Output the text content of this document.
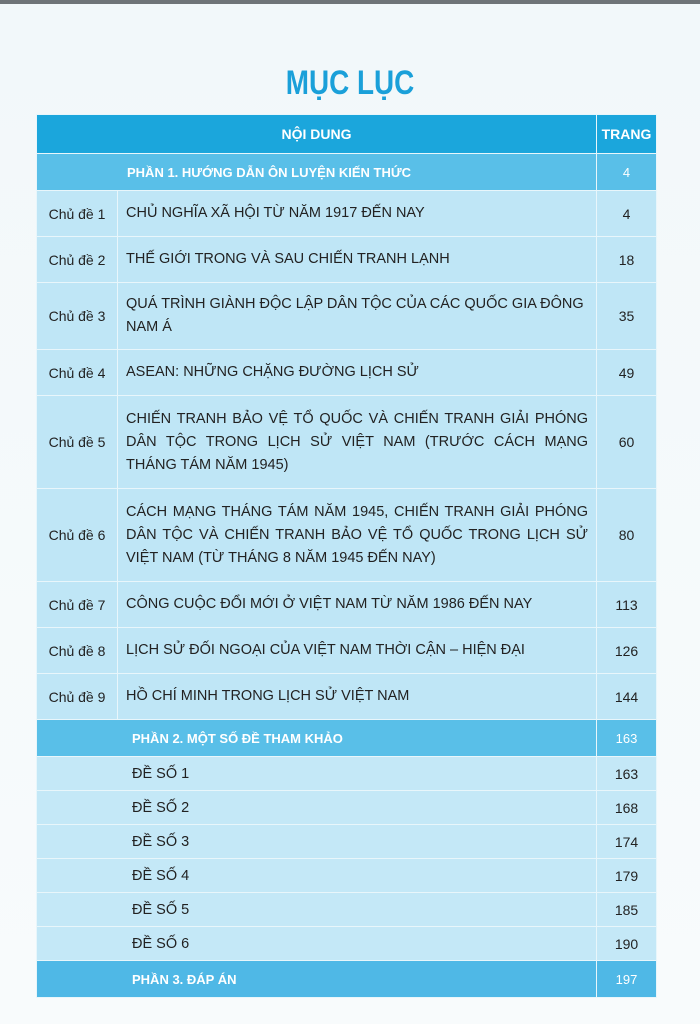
MỤC LỤC
NỘI DUNG		TRANG
PHẦN 1. HƯỚNG DẪN ÔN LUYỆN KIẾN THỨC		4
Chủ đề 1	CHỦ NGHĨA XÃ HỘI TỪ NĂM 1917 ĐẾN NAY	4
Chủ đề 2	THẾ GIỚI TRONG VÀ SAU CHIẾN TRANH LẠNH	18
Chủ đề 3	QUÁ TRÌNH GIÀNH ĐỘC LẬP DÂN TỘC CỦA CÁC QUỐC GIA ĐÔNG NAM Á	35
Chủ đề 4	ASEAN: NHỮNG CHẶNG ĐƯỜNG LỊCH SỬ	49
Chủ đề 5	CHIẾN TRANH BẢO VỆ TỔ QUỐC VÀ CHIẾN TRANH GIẢI PHÓNG DÂN TỘC TRONG LỊCH SỬ VIỆT NAM (TRƯỚC CÁCH MẠNG THÁNG TÁM NĂM 1945)	60
Chủ đề 6	CÁCH MẠNG THÁNG TÁM NĂM 1945, CHIẾN TRANH GIẢI PHÓNG DÂN TỘC VÀ CHIẾN TRANH BẢO VỆ TỔ QUỐC TRONG LỊCH SỬ VIỆT NAM (TỪ THÁNG 8 NĂM 1945 ĐẾN NAY)	80
Chủ đề 7	CÔNG CUỘC ĐỔI MỚI Ở VIỆT NAM TỪ NĂM 1986 ĐẾN NAY	113
Chủ đề 8	LỊCH SỬ ĐỐI NGOẠI CỦA VIỆT NAM THỜI CẬN – HIỆN ĐẠI	126
Chủ đề 9	HỒ CHÍ MINH TRONG LỊCH SỬ VIỆT NAM	144
PHẦN 2. MỘT SỐ ĐỀ THAM KHẢO		163
ĐỀ SỐ 1		163
ĐỀ SỐ 2		168
ĐỀ SỐ 3		174
ĐỀ SỐ 4		179
ĐỀ SỐ 5		185
ĐỀ SỐ 6		190
PHẦN 3. ĐÁP ÁN		197
